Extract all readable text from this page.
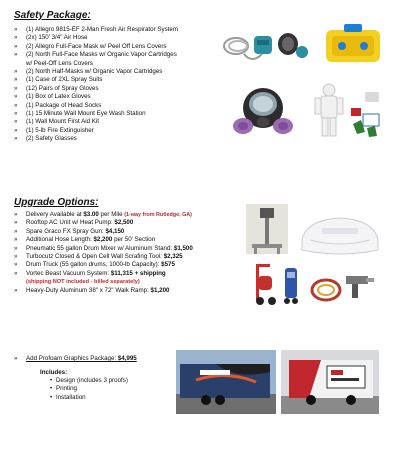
Safety Package:
» (1) Allegro 9815-EF 2-Man Fresh Air Respirator System
» (2x) 150' 3/4" Air Hose
» (2) Allegro Full-Face Mask w/ Peel Off Lens Covers
» (2) North Full-Face Masks w/ Organic Vapor Cartridges
w/ Peel-Off Lens Covers
» (2) North Half-Masks w/ Organic Vapor Cartridges
» (1) Case of 2XL Spray Suits
» (12) Pairs of Spray Gloves
» (1) Box of Latex Gloves
» (1) Package of Head Socks
» (1) 15 Minute Wall Mount Eye Wash Station
» (1) Wall Mount First Aid Kit
» (1) 5-lb Fire Extinguisher
» (2) Safety Glasses
Upgrade Options:
» Delivery Available at $3.00 per Mile (1-way from Rutledge, GA)
» Rooftop AC Unit w/ Heat Pump: $2,500
» Spare Graco FX Spray Gun: $4,150
» Additional Hose Length: $2,200 per 50' Section
» Pneumatic 55 gallon Drum Mixer w/ Aluminum Stand: $1,500
» Turbocutz Closed & Open Cell Wall Scrafing Tool: $2,325
» Drum Truck (55 gallon drums, 1000-lb Capacity): $575
» Vortec Beast Vacuum System: $11,315 + shipping
(shipping NOT included - billed separately)
» Heavy-Duty Aluminum 38" x 72" Walk Ramp: $1,200
» Add Profoam Graphics Package: $4,995
Includes:
• Design (includes 3 proofs)
• Printing
• Installation
